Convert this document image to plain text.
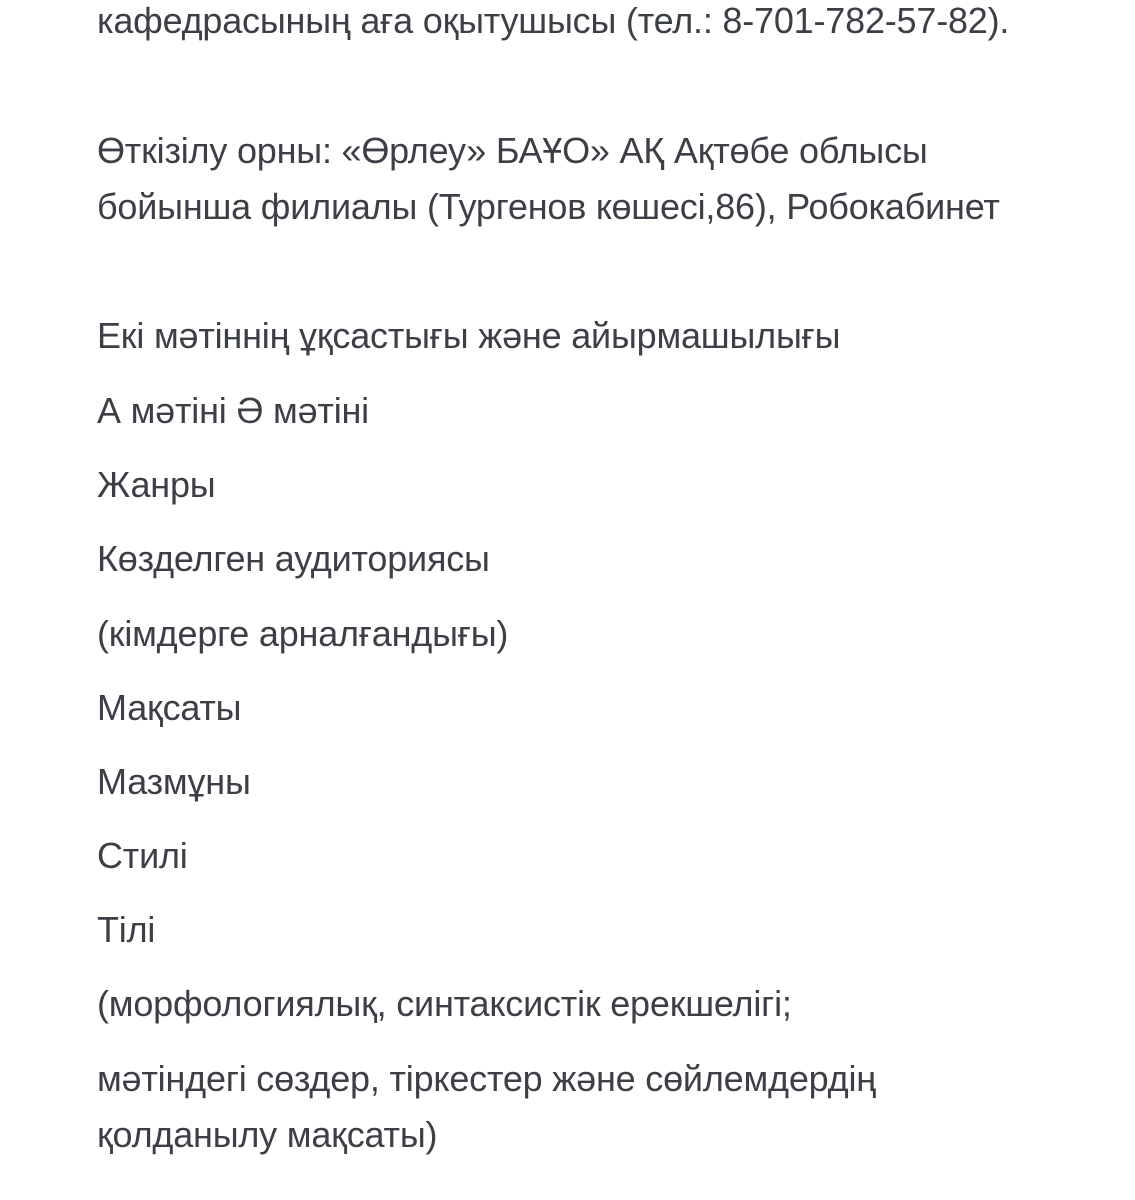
кафедрасының аға оқытушысы (тел.: 8-701-782-57-82).

Өткізілу орны: «Өрлеу» БАҰО» АҚ Ақтөбе облысы бойынша филиалы (Тургенов көшесі,86), Робокабинет

Екі мәтіннің ұқсастығы және айырмашылығы

А мәтіні Ә мәтіні

Жанры

Көзделген аудиториясы

(кімдерге арналғандығы)

Мақсаты

Мазмұны

Стилі

Тілі

(морфологиялық, синтаксистік ерекшелігі;

мәтіндегі сөздер, тіркестер және сөйлемдердің қолданылу мақсаты)
